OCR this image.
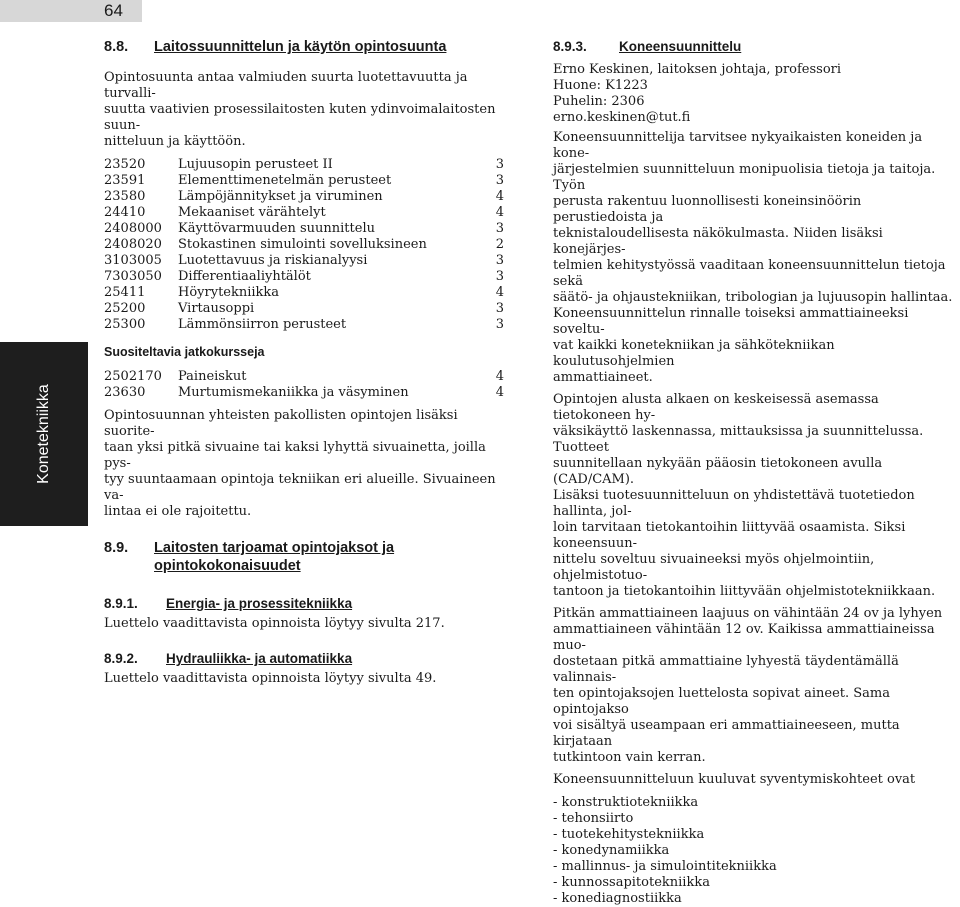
64
Konetekniikka
8.8.	Laitossuunnittelun ja käytön opintosuunta
Opintosuunta antaa valmiuden suurta luotettavuutta ja turvalli-
suutta vaativien prosessilaitosten kuten ydinvoimalaitosten suun-
nitteluun ja käyttöön.
23520	Lujuusopin perusteet II	3
23591	Elementtimenetelmän perusteet	3
23580	Lämpöjännitykset ja viruminen	4
24410	Mekaaniset värähtelyt	4
2408000	Käyttövarmuuden suunnittelu	3
2408020	Stokastinen simulointi sovelluksineen	2
3103005	Luotettavuus ja riskianalyysi	3
7303050	Differentiaaliyhtälöt	3
25411	Höyrytekniikka	4
25200	Virtausoppi	3
25300	Lämmönsiirron perusteet	3
Suositeltavia jatkokursseja
2502170	Paineiskut	4
23630	Murtumismekaniikka ja väsyminen	4
Opintosuunnan yhteisten pakollisten opintojen lisäksi suorite-
taan yksi pitkä sivuaine tai kaksi lyhyttä sivuainetta, joilla pys-
tyy suuntaamaan opintoja tekniikan eri alueille. Sivuaineen va-
lintaa ei ole rajoitettu.
8.9.	Laitosten tarjoamat opintojaksot ja
opintokokonaisuudet
8.9.1.	Energia- ja prosessitekniikka

Luettelo vaadittavista opinnoista löytyy sivulta 217.

8.9.2.	Hydrauliikka- ja automatiikka

Luettelo vaadittavista opinnoista löytyy sivulta 49.

8.9.3.	Koneensuunnittelu
Erno Keskinen, laitoksen johtaja, professori
Huone: K1223
Puhelin: 2306
erno.keskinen@tut.fi
Koneensuunnittelija tarvitsee nykyaikaisten koneiden ja kone-
järjestelmien suunnitteluun monipuolisia tietoja ja taitoja. Työn
perusta rakentuu luonnollisesti koneinsinöörin perustiedoista ja
teknistaloudellisesta näkökulmasta. Niiden lisäksi konejärjes-
telmien kehitystyössä vaaditaan koneensuunnittelun tietoja sekä
säätö- ja ohjaustekniikan, tribologian ja lujuusopin hallintaa.
Koneensuunnittelun rinnalle toiseksi ammattiaineeksi soveltu-
vat kaikki konetekniikan ja sähkötekniikan koulutusohjelmien
ammattiaineet.
Opintojen alusta alkaen on keskeisessä asemassa tietokoneen hy-
väksikäyttö laskennassa, mittauksissa ja suunnittelussa. Tuotteet
suunnitellaan nykyään pääosin tietokoneen avulla (CAD/CAM).
Lisäksi tuotesuunnitteluun on yhdistettävä tuotetiedon hallinta, jol-
loin tarvitaan tietokantoihin liittyvää osaamista. Siksi koneensuun-
nittelu soveltuu sivuaineeksi myös ohjelmointiin, ohjelmistotuo-
tantoon ja tietokantoihin liittyvään ohjelmistotekniikkaan.
Pitkän ammattiaineen laajuus on vähintään 24 ov ja lyhyen
ammattiaineen vähintään 12 ov. Kaikissa ammattiaineissa muo-
dostetaan pitkä ammattiaine lyhyestä täydentämällä valinnais-
ten opintojaksojen luettelosta sopivat aineet. Sama opintojakso
voi sisältyä useampaan eri ammattiaineeseen, mutta kirjataan
tutkintoon vain kerran.

Koneensuunnitteluun kuuluvat syventymiskohteet ovat

- konstruktiotekniikka
- tehonsiirto
- tuotekehitystekniikka
- konedynamiikka
- mallinnus- ja simulointitekniikka
- kunnossapitotekniikka
- konediagnostiikka
